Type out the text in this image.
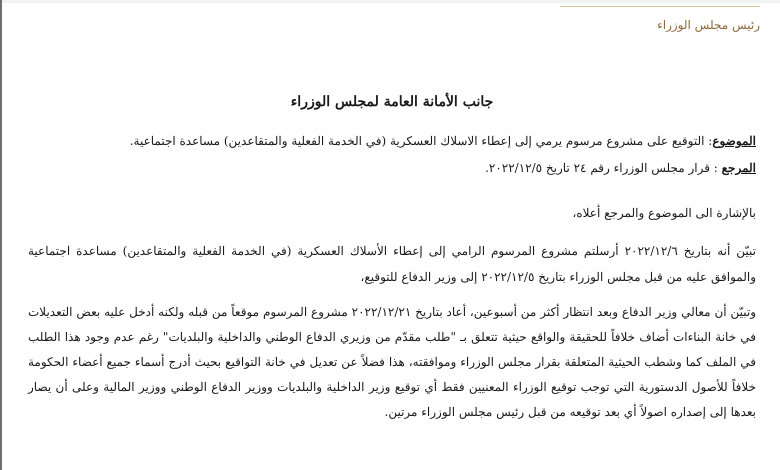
رئيس مجلس الوزراء
جانب الأمانة العامة لمجلس الوزراء
الموضوع: التوقيع على مشروع مرسوم يرمي إلى إعطاء الاسلاك العسكرية (في الخدمة الفعلية والمتقاعدين) مساعدة اجتماعية.
المرجع : قرار مجلس الوزراء رقم ٢٤ تاريخ ٢٠٢٢/١٢/٥.
بالإشارة الى الموضوع والمرجع أعلاه،
تبيّن أنه بتاريخ ٢٠٢٢/١٢/٦ أرسلتم مشروع المرسوم الرامي إلى إعطاء الأسلاك العسكرية (في الخدمة الفعلية والمتقاعدين) مساعدة اجتماعية والموافق عليه من قبل مجلس الوزراء بتاريخ ٢٠٢٢/١٢/٥ إلى وزير الدفاع للتوقيع،
وتبيّن أن معالي وزير الدفاع وبعد انتظار أكثر من أسبوعين، أعاد بتاريخ ٢٠٢٢/١٢/٢١ مشروع المرسوم موقعاً من قبله ولكنه أدخل عليه بعض التعديلات في خانة البناءات أضاف خلافاً للحقيقة والواقع حيثية تتعلق بـ "طلب مقدّم من وزيري الدفاع الوطني والداخلية والبلديات" رغم عدم وجود هذا الطلب في الملف كما وشطب الحيثية المتعلقة بقرار مجلس الوزراء وموافقته، هذا فضلاً عن تعديل في خانة التواقيع بحيث أدرج أسماء جميع أعضاء الحكومة خلافاً للأصول الدستورية التي توجب توقيع الوزراء المعنيين فقط أي توقيع وزير الداخلية والبلديات ووزير الدفاع الوطني ووزير المالية وعلى أن يصار بعدها إلى إصداره اصولاً أي بعد توقيعه من قبل رئيس مجلس الوزراء مرتين.
